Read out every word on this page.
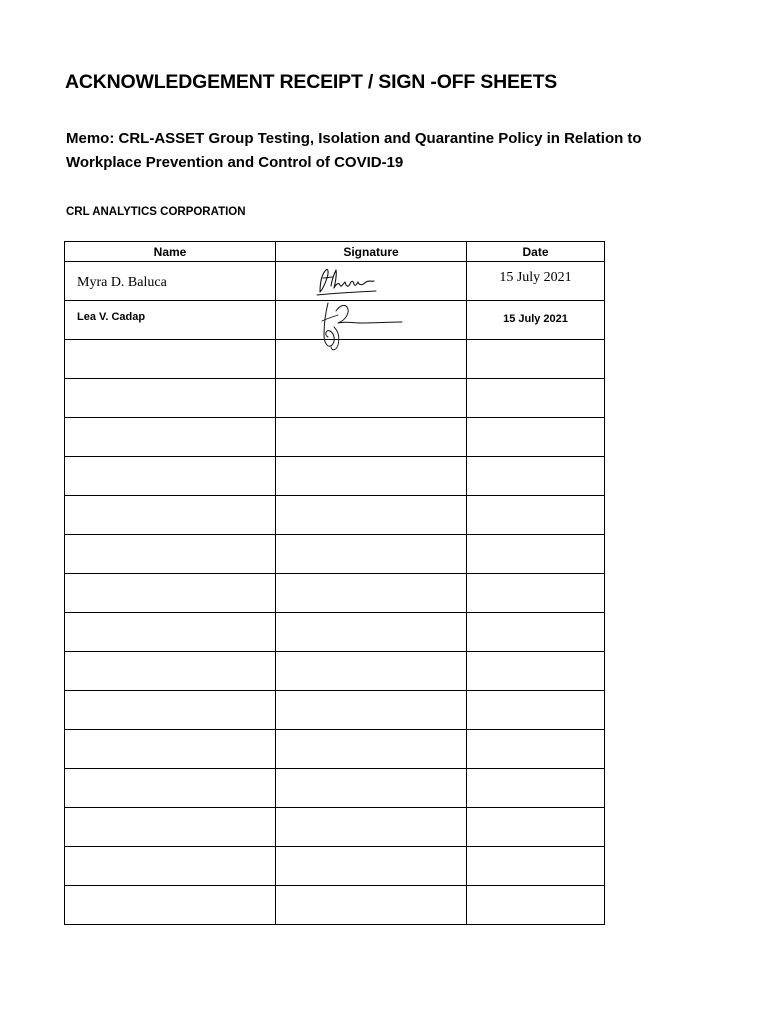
ACKNOWLEDGEMENT RECEIPT / SIGN -OFF SHEETS

Memo: CRL-ASSET Group Testing, Isolation and Quarantine Policy in Relation to Workplace Prevention and Control of COVID-19

CRL ANALYTICS CORPORATION

Name	Signature	Date

Myra D. Baluca		15 July 2021

Lea V. Cadap		15 July 2021
